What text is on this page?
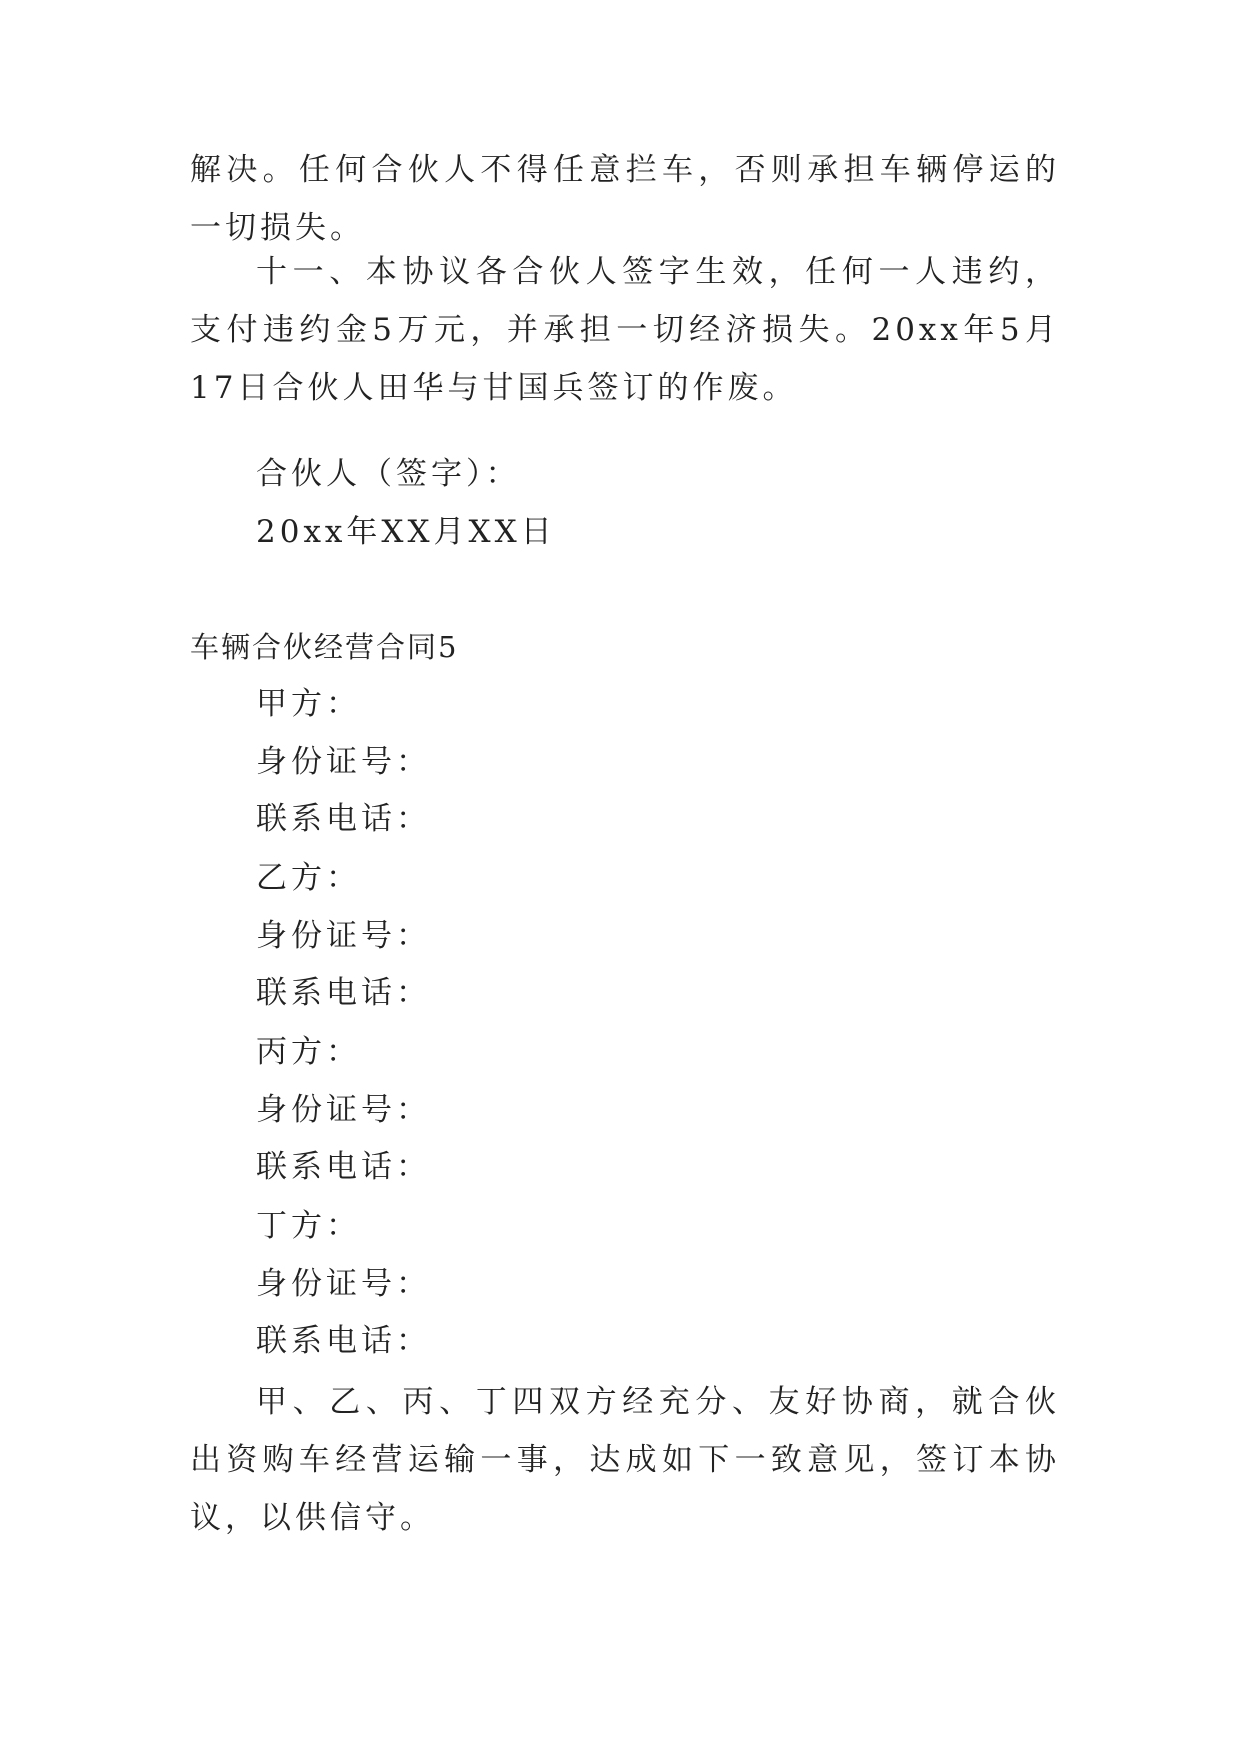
解决。任何合伙人不得任意拦车，否则承担车辆停运的一切损失。
十一、本协议各合伙人签字生效，任何一人违约，支付违约金5万元，并承担一切经济损失。20xx年5月17日合伙人田华与甘国兵签订的作废。
合伙人（签字）：
20xx年XX月XX日
车辆合伙经营合同5
甲方：
身份证号：
联系电话：
乙方：
身份证号：
联系电话：
丙方：
身份证号：
联系电话：
丁方：
身份证号：
联系电话：
甲、乙、丙、丁四双方经充分、友好协商，就合伙出资购车经营运输一事，达成如下一致意见，签订本协议，以供信守。
